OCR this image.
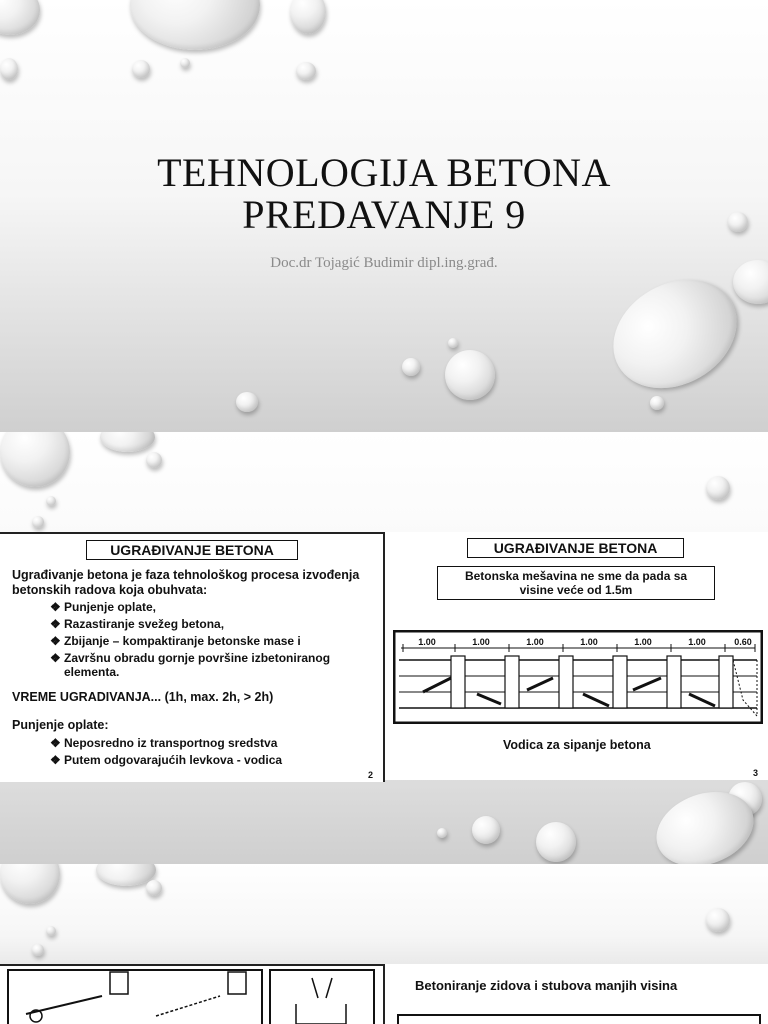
TEHNOLOGIJA BETONA
PREDAVANJE 9
Doc.dr Tojagić Budimir dipl.ing.građ.
UGRAĐIVANJE BETONA
Ugrađivanje betona je faza tehnološkog procesa izvođenja
betonskih radova koja obuhvata:
❖ Punjenje oplate,
❖ Razastiranje svežeg betona,
❖ Zbijanje – kompaktiranje betonske mase i
❖ Završnu obradu gornje površine izbetoniranog
elementa.
VREME UGRADIVANJA... (1h, max. 2h, > 2h)
Punjenje oplate:
❖ Neposredno iz transportnog sredstva
❖ Putem odgovarajućih levkova - vodica
2
UGRAĐIVANJE BETONA
Betonska mešavina ne sme da pada sa
visine veće od 1.5m
1.00	1.00	1.00	1.00	1.00	1.00	0.60
Vodica za sipanje betona
3
Betoniranje zidova i stubova manjih visina
